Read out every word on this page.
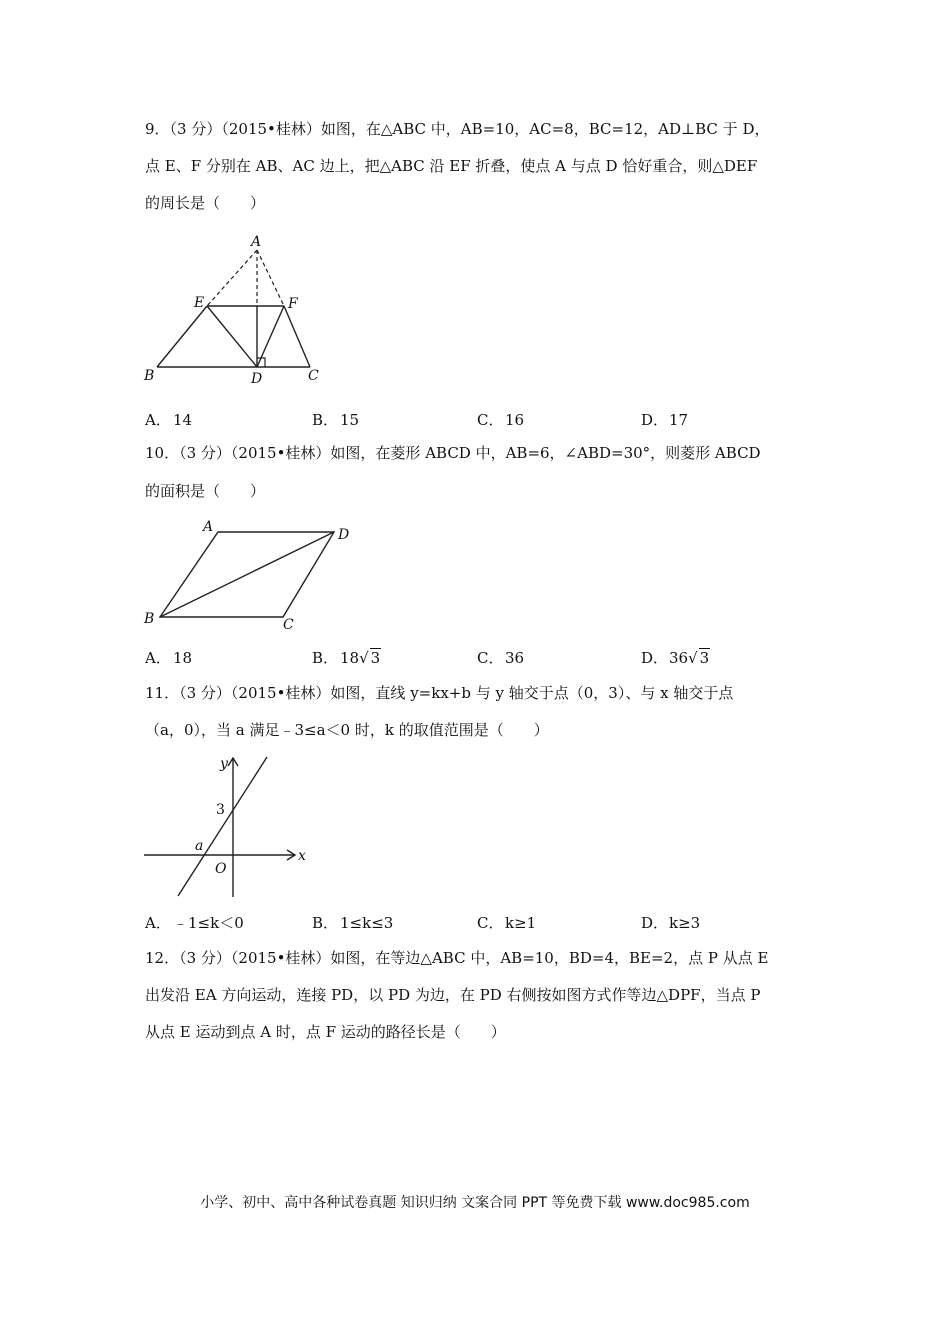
9．（3 分）（2015•桂林）如图，在△ABC 中，AB=10，AC=8，BC=12，AD⊥BC 于 D，
点 E、F 分别在 AB、AC 边上，把△ABC 沿 EF 折叠，使点 A 与点 D 恰好重合，则△DEF
的周长是（　　）
A
E	F
B	D	C
A． 14	B． 15	C． 16	D．17
10．（3 分）（2015•桂林）如图，在菱形 ABCD 中，AB=6，∠ABD=30°，则菱形 ABCD
的面积是（　　）
A	D
B	C
A． 18	B． 18√ 3	C． 36	D．36√ 3
11．（3 分）（2015•桂林）如图，直线 y=kx+b 与 y 轴交于点（0，3）、与 x 轴交于点
（a，0），当 a 满足﹣3≤a＜0 时，k 的取值范围是（　　）
y
x
3
a
O
A． ﹣1≤k＜0	B． 1≤k≤3	C． k≥1	D．k≥3
12．（3 分）（2015•桂林）如图，在等边△ABC 中，AB=10，BD=4，BE=2，点 P 从点 E
出发沿 EA 方向运动，连接 PD，以 PD 为边，在 PD 右侧按如图方式作等边△DPF，当点 P
从点 E 运动到点 A 时，点 F 运动的路径长是（　　）
小学、初中、高中各种试卷真题 知识归纳 文案合同 PPT 等免费下载 www.doc985.com
